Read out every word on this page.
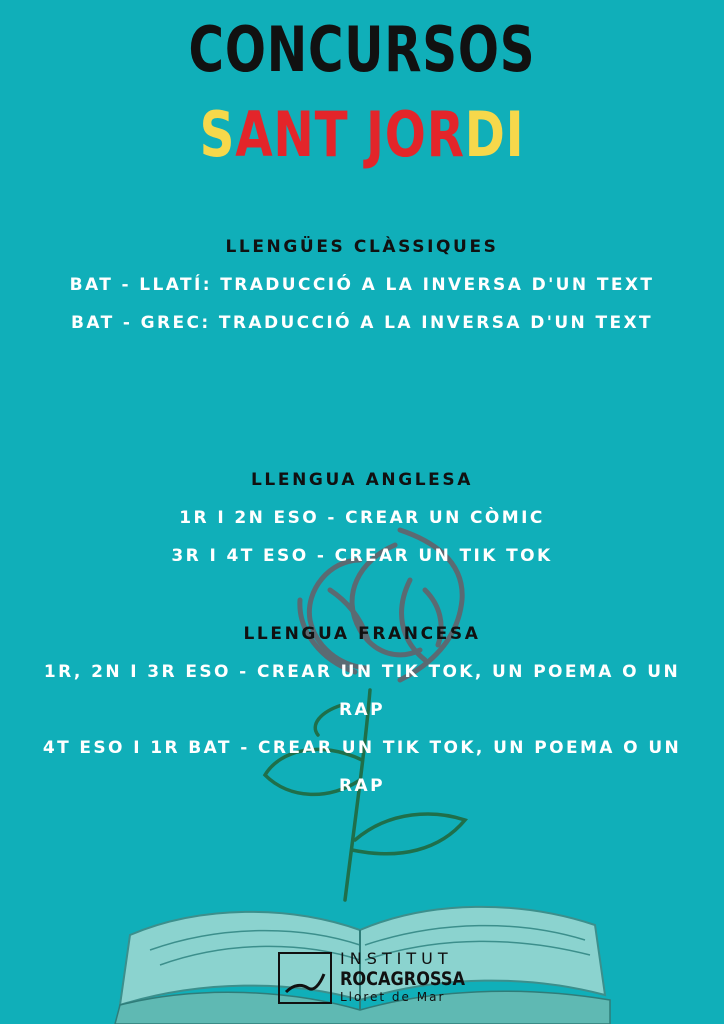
CONCURSOS
SANT JORDI
LLENGÜES CLÀSSIQUES
BAT - LLATÍ: TRADUCCIÓ A LA INVERSA D'UN TEXT
BAT - GREC: TRADUCCIÓ A LA INVERSA D'UN TEXT
LLENGUA ANGLESA
1R I 2N ESO - CREAR UN CÒMIC
3R I 4T ESO - CREAR UN TIK TOK
LLENGUA FRANCESA
1R, 2N I 3R ESO - CREAR UN TIK TOK, UN POEMA O UN RAP
4T ESO I 1R BAT - CREAR UN TIK TOK, UN POEMA O UN RAP
INSTITUT
ROCAGROSSA
Lloret de Mar
